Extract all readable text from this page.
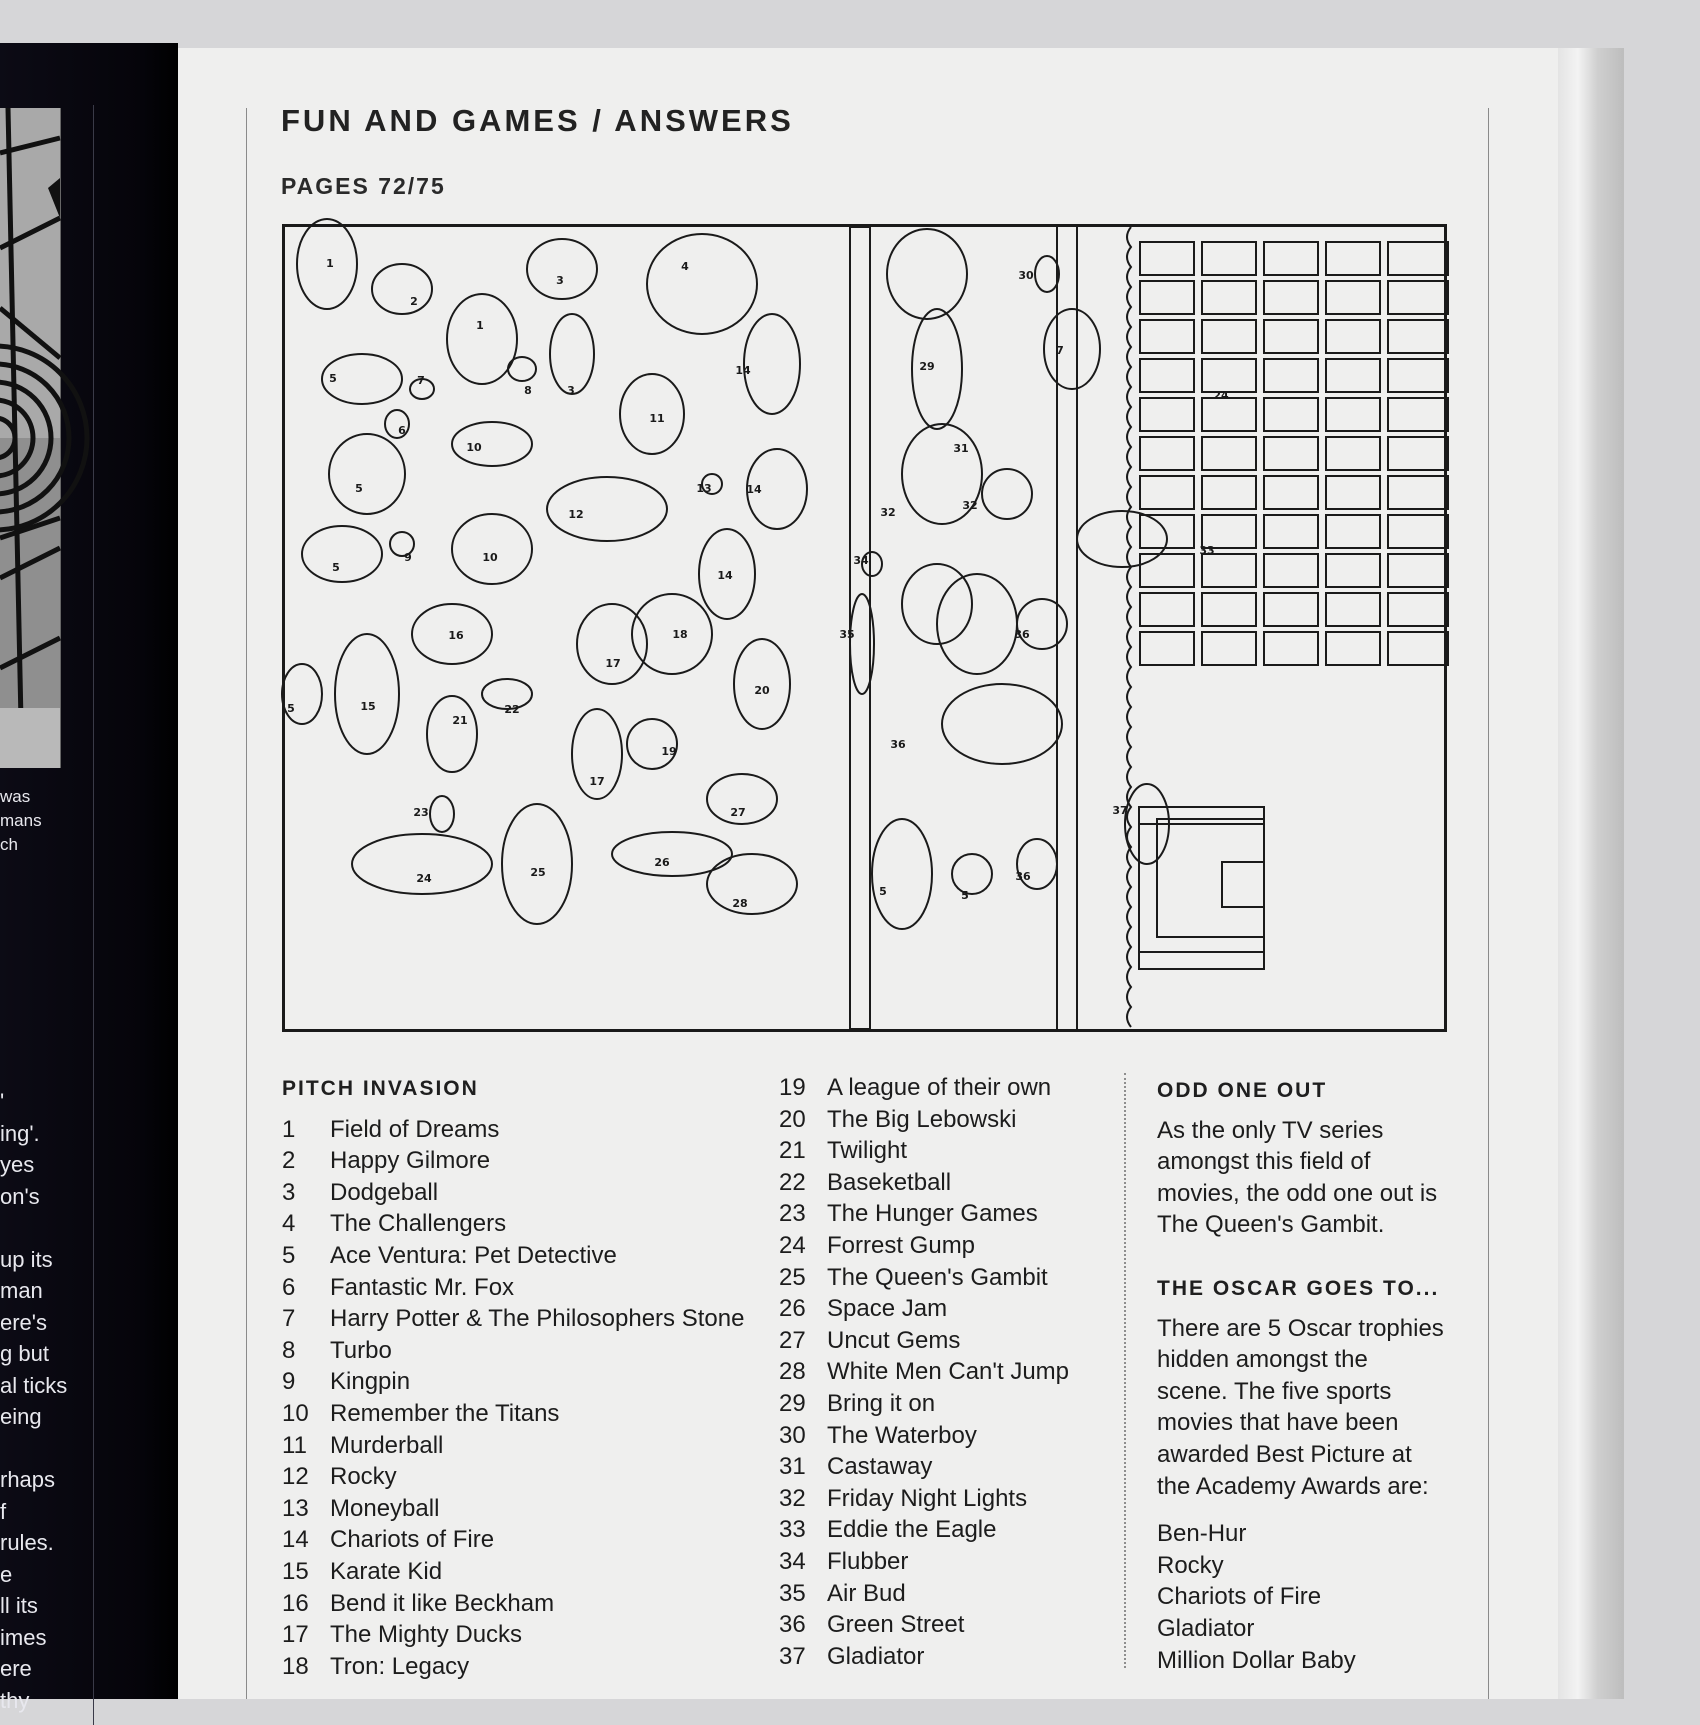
was
mans
ch
'
ing'.
yes
on's
up its
man
ere's
g but
al ticks
eing
rhaps
f
rules.
e
ll its
imes
ere
thy
FUN AND GAMES / ANSWERS
PAGES 72/75
1
2
3
4
1
3
5	7
8
14
6
10
11
5	13	14
12
5
9	10
14
16	18
17
5	15
20
22
21
19
17
23	27
24	25
26
28
29
30
7
31
32
32
34
24
33
35	36
36
37
5	5
36
PITCH INVASION
1	Field of Dreams
2	Happy Gilmore
3	Dodgeball
4	The Challengers
5	Ace Ventura: Pet Detective
6	Fantastic Mr. Fox
7	Harry Potter & The Philosophers Stone
8	Turbo
9	Kingpin
10 Remember the Titans
11 Murderball
12 Rocky
13 Moneyball
14 Chariots of Fire
15 Karate Kid
16 Bend it like Beckham
17 The Mighty Ducks
18 Tron: Legacy
19 A league of their own
20 The Big Lebowski
21 Twilight
22 Baseketball
23 The Hunger Games
24 Forrest Gump
25 The Queen's Gambit
26 Space Jam
27 Uncut Gems
28 White Men Can't Jump
29 Bring it on
30 The Waterboy
31 Castaway
32 Friday Night Lights
33 Eddie the Eagle
34 Flubber
35 Air Bud
36 Green Street
37 Gladiator
ODD ONE OUT
As the only TV series
amongst this field of
movies, the odd one out is
The Queen's Gambit.
THE OSCAR GOES TO...
There are 5 Oscar trophies
hidden amongst the
scene. The five sports
movies that have been
awarded Best Picture at
the Academy Awards are:
Ben-Hur
Rocky
Chariots of Fire
Gladiator
Million Dollar Baby
